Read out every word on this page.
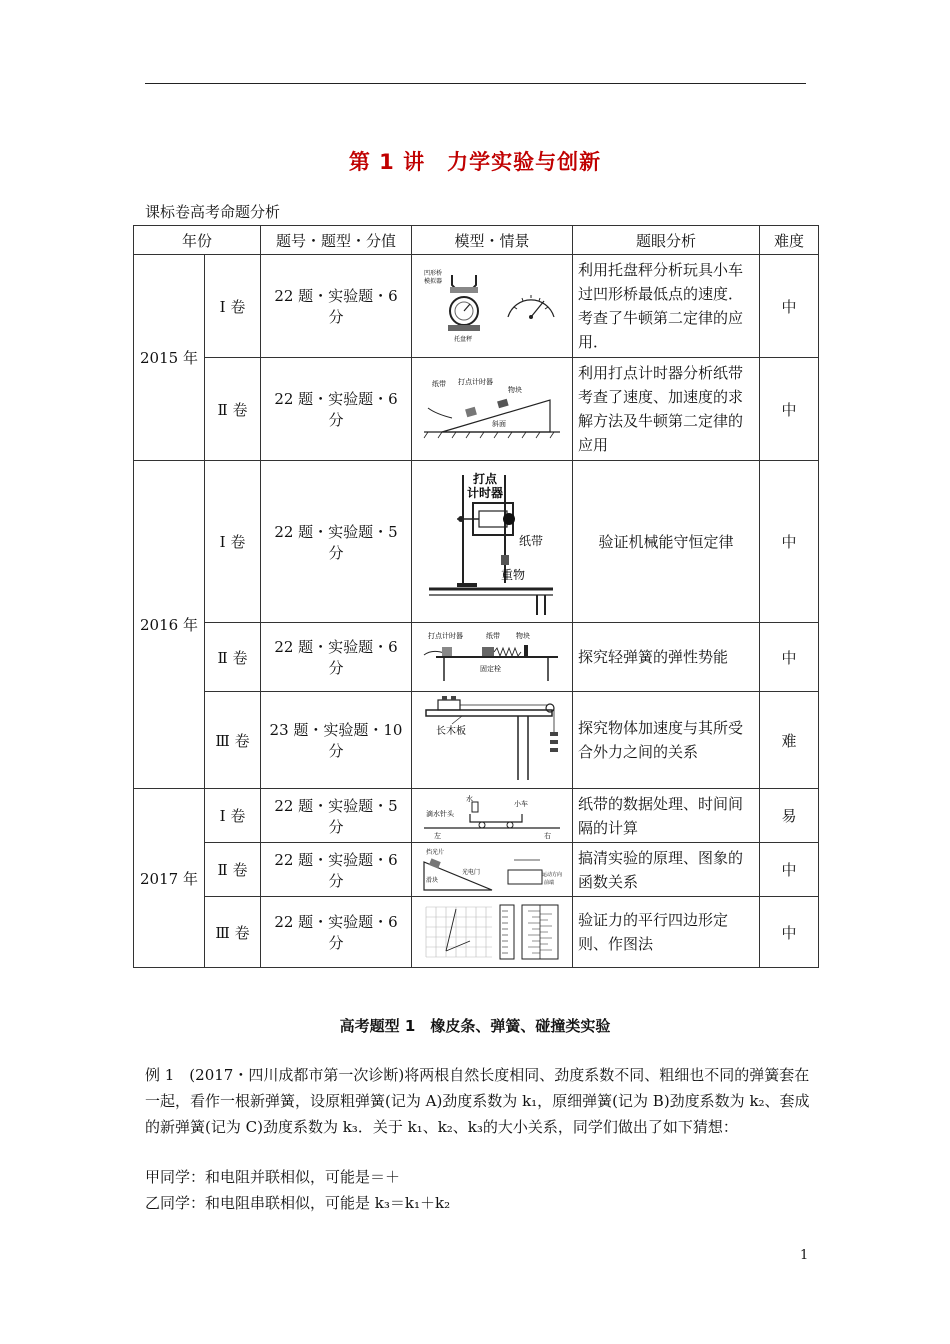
第 1 讲　力学实验与创新
课标卷高考命题分析
年份		题号・题型・分值	模型・情景	题眼分析	难度
2015 年	Ⅰ 卷	22 题・实验题・6 分	凹形桥
模拟器
托盘秤	利用托盘秤分析玩具小车过凹形桥最低点的速度．考查了牛顿第二定律的应用．	中
	Ⅱ 卷	22 题・实验题・6 分	纸带 打点计时器
物块
斜面	利用打点计时器分析纸带考查了速度、加速度的求解方法及牛顿第二定律的应用	中
2016 年	Ⅰ 卷	22 题・实验题・5 分	打点
计时器
纸带
重物	验证机械能守恒定律	中
	Ⅱ 卷	22 题・实验题・6 分	打点计时器 纸带 物块
固定栓	探究轻弹簧的弹性势能	中
	Ⅲ 卷	23 题・实验题・10 分	长木板	探究物体加速度与其所受合外力之间的关系	难
2017 年	Ⅰ 卷	22 题・实验题・5 分	水
小车
滴水针头
左 右	纸带的数据处理、时间间隔的计算	易
	Ⅱ 卷	22 题・实验题・6 分	挡光片
滑块
光电门 运动方向
前端	搞清实验的原理、图象的函数关系	中
	Ⅲ 卷	22 题・实验题・6 分		验证力的平行四边形定则、作图法	中
高考题型 1　橡皮条、弹簧、碰撞类实验
例 1　(2017・四川成都市第一次诊断)将两根自然长度相同、劲度系数不同、粗细也不同的弹簧套在一起，看作一根新弹簧，设原粗弹簧(记为 A)劲度系数为 k₁，原细弹簧(记为 B)劲度系数为 k₂、套成的新弹簧(记为 C)劲度系数为 k₃．关于 k₁、k₂、k₃的大小关系，同学们做出了如下猜想：
甲同学：和电阻并联相似，可能是＝＋
乙同学：和电阻串联相似，可能是 k₃＝k₁＋k₂
1
